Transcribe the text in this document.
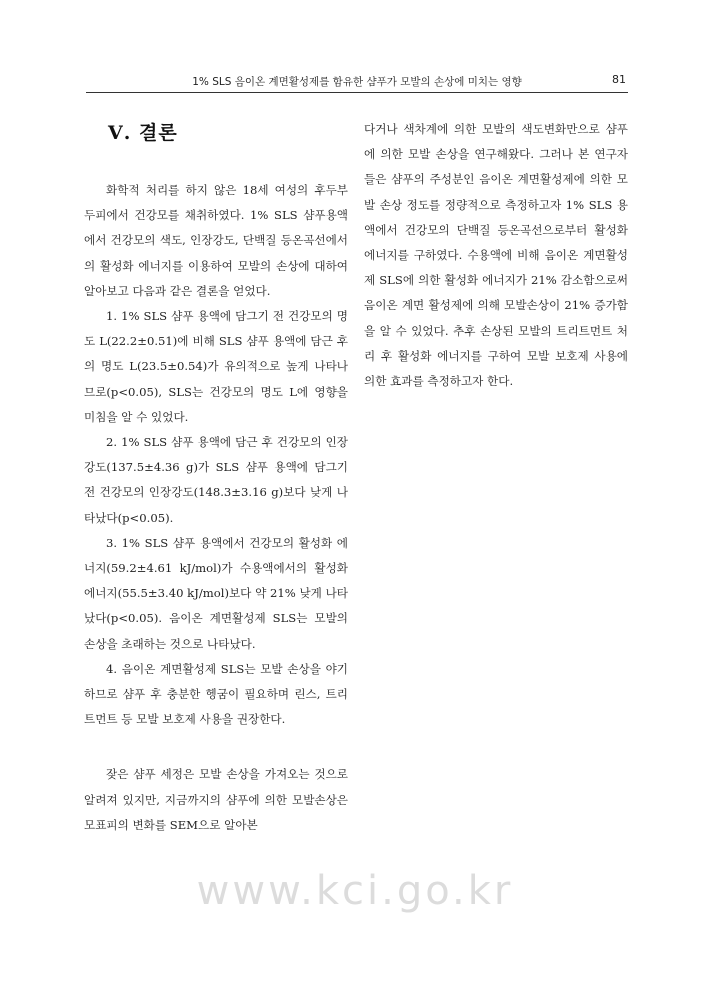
1% SLS 음이온 계면활성제를 함유한 샴푸가 모발의 손상에 미치는 영향	81
Ⅴ. 결론

화학적 처리를 하지 않은 18세 여성의 후두부 두피에서 건강모를 채취하였다. 1% SLS 샴푸용액에서 건강모의 색도, 인장강도, 단백질 등온곡선에서의 활성화 에너지를 이용하여 모발의 손상에 대하여 알아보고 다음과 같은 결론을 얻었다.

1. 1% SLS 샴푸 용액에 담그기 전 건강모의 명도 L(22.2±0.51)에 비해 SLS 샴푸 용액에 담근 후의 명도 L(23.5±0.54)가 유의적으로 높게 나타나므로(p<0.05), SLS는 건강모의 명도 L에 영향을 미침을 알 수 있었다.

2. 1% SLS 샴푸 용액에 담근 후 건강모의 인장강도(137.5±4.36 g)가 SLS 샴푸 용액에 담그기 전 건강모의 인장강도(148.3±3.16 g)보다 낮게 나타났다(p<0.05).

3. 1% SLS 샴푸 용액에서 건강모의 활성화 에너지(59.2±4.61 kJ/mol)가 수용액에서의 활성화 에너지(55.5±3.40 kJ/mol)보다 약 21% 낮게 나타났다(p<0.05). 음이온 계면활성제 SLS는 모발의 손상을 초래하는 것으로 나타났다.

4. 음이온 계면활성제 SLS는 모발 손상을 야기하므로 샴푸 후 충분한 헹굼이 필요하며 린스, 트리트먼트 등 모발 보호제 사용을 권장한다.

잦은 샴푸 세정은 모발 손상을 가져오는 것으로 알려져 있지만, 지금까지의 샴푸에 의한 모발손상은 모표피의 변화를 SEM으로 알아본

다거나 색차계에 의한 모발의 색도변화만으로 샴푸에 의한 모발 손상을 연구해왔다. 그러나 본 연구자들은 샴푸의 주성분인 음이온 계면활성제에 의한 모발 손상 정도를 정량적으로 측정하고자 1% SLS 용액에서 건강모의 단백질 등온곡선으로부터 활성화 에너지를 구하였다. 수용액에 비해 음이온 계면활성제 SLS에 의한 활성화 에너지가 21% 감소함으로써 음이온 계면 활성제에 의해 모발손상이 21% 증가함을 알 수 있었다. 추후 손상된 모발의 트리트먼트 처리 후 활성화 에너지를 구하여 모발 보호제 사용에 의한 효과를 측정하고자 한다.

www.kci.go.kr
